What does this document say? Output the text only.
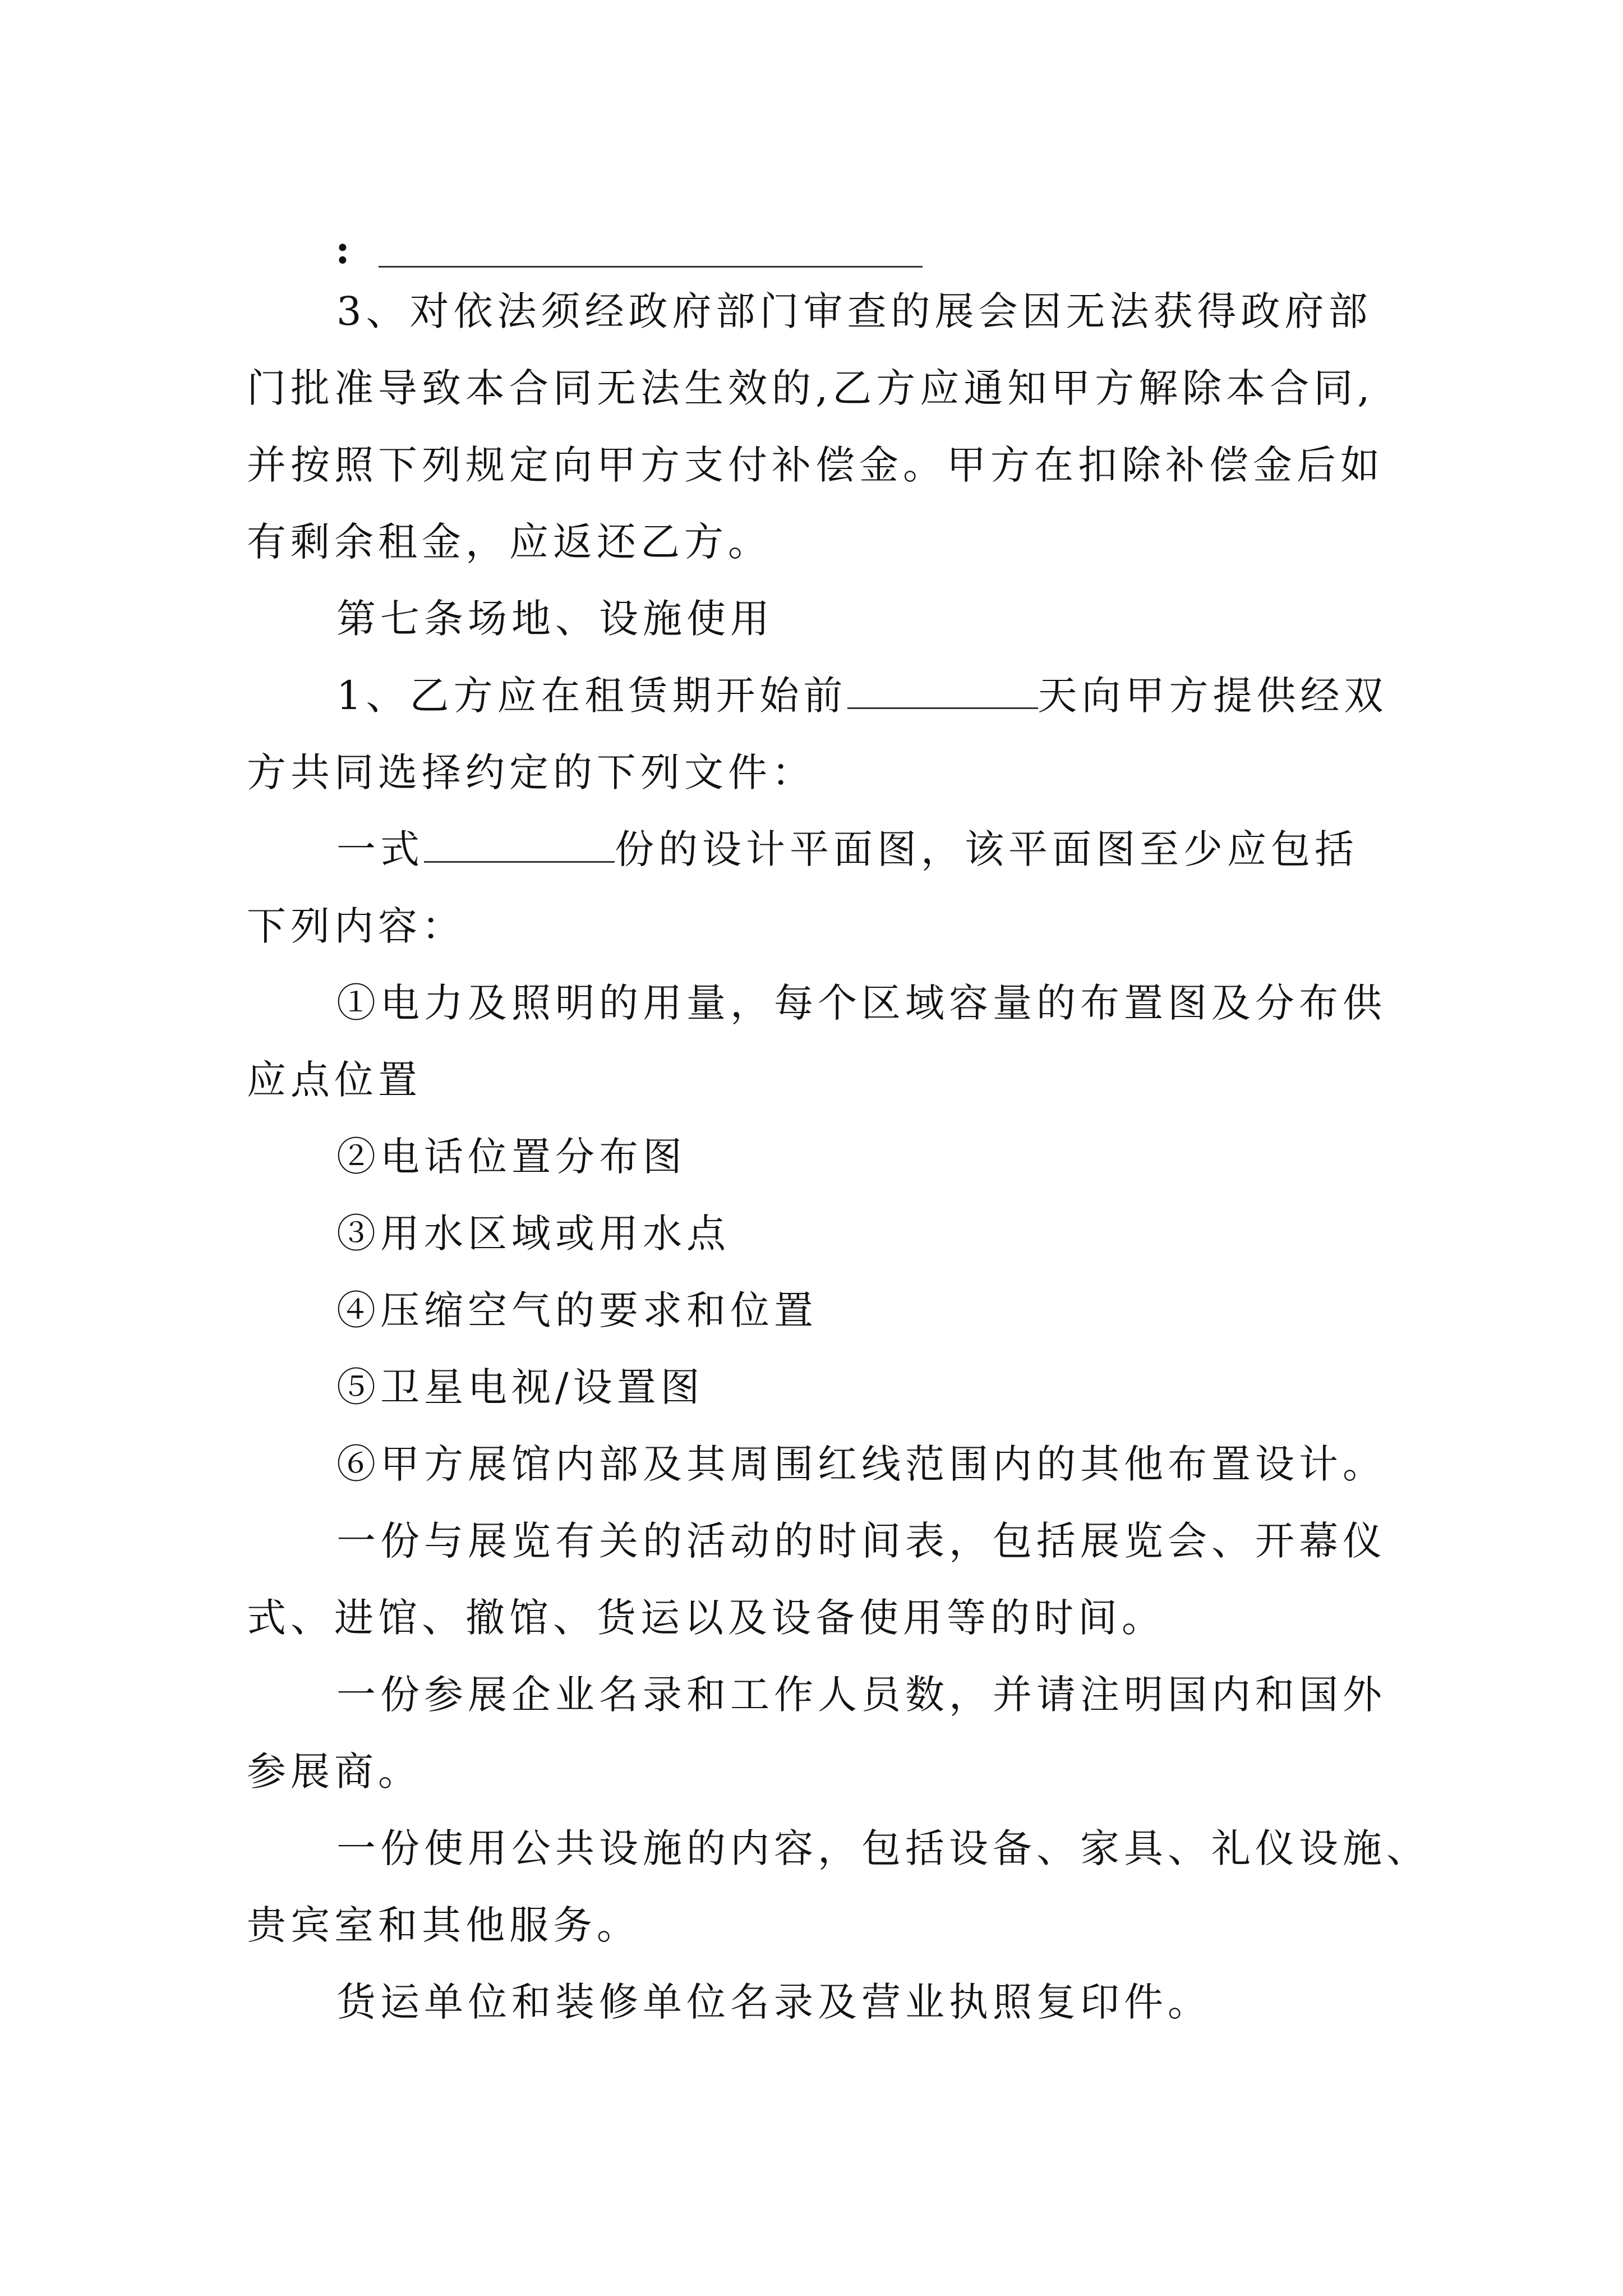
:
3、对依法须经政府部门审查的展会因无法获得政府部
门批准导致本合同无法生效的,乙方应通知甲方解除本合同,
并按照下列规定向甲方支付补偿金。甲方在扣除补偿金后如
有剩余租金，应返还乙方。
第七条场地、设施使用
1、乙方应在租赁期开始前	天向甲方提供经双
方共同选择约定的下列文件：
一式	份的设计平面图，该平面图至少应包括
下列内容：
①电力及照明的用量，每个区域容量的布置图及分布供
应点位置
②电话位置分布图
③用水区域或用水点
④压缩空气的要求和位置
⑤卫星电视/设置图
⑥甲方展馆内部及其周围红线范围内的其他布置设计。
一份与展览有关的活动的时间表，包括展览会、开幕仪
式、进馆、撤馆、货运以及设备使用等的时间。
一份参展企业名录和工作人员数，并请注明国内和国外
参展商。
一份使用公共设施的内容，包括设备、家具、礼仪设施、
贵宾室和其他服务。
货运单位和装修单位名录及营业执照复印件。
